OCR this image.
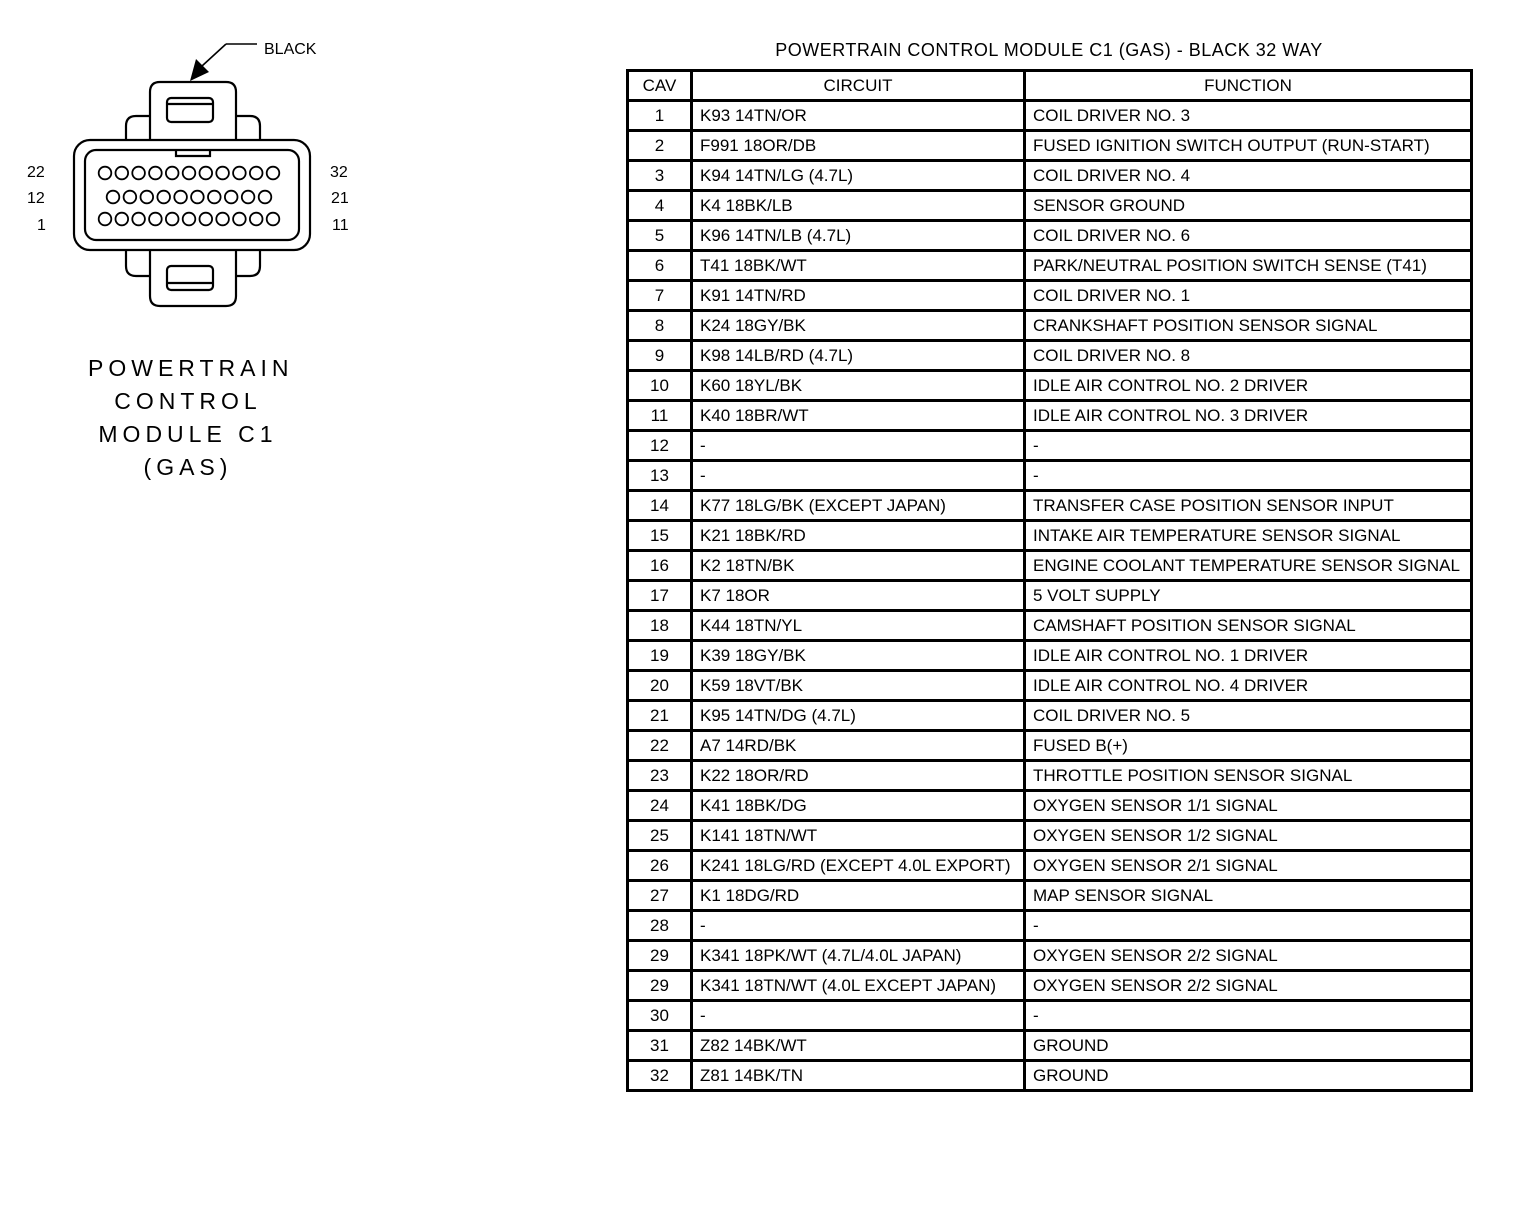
BLACK
22
12
1
32
21
11
POWERTRAIN
CONTROL
MODULE C1
(GAS)
POWERTRAIN CONTROL MODULE C1 (GAS) - BLACK 32 WAY
CAV	CIRCUIT	FUNCTION
1	K93 14TN/OR	COIL DRIVER NO. 3
2	F991 18OR/DB	FUSED IGNITION SWITCH OUTPUT (RUN-START)
3	K94 14TN/LG (4.7L)	COIL DRIVER NO. 4
4	K4 18BK/LB	SENSOR GROUND
5	K96 14TN/LB (4.7L)	COIL DRIVER NO. 6
6	T41 18BK/WT	PARK/NEUTRAL POSITION SWITCH SENSE (T41)
7	K91 14TN/RD	COIL DRIVER NO. 1
8	K24 18GY/BK	CRANKSHAFT POSITION SENSOR SIGNAL
9	K98 14LB/RD (4.7L)	COIL DRIVER NO. 8
10	K60 18YL/BK	IDLE AIR CONTROL NO. 2 DRIVER
11	K40 18BR/WT	IDLE AIR CONTROL NO. 3 DRIVER
12	-	-
13	-	-
14	K77 18LG/BK (EXCEPT JAPAN)	TRANSFER CASE POSITION SENSOR INPUT
15	K21 18BK/RD	INTAKE AIR TEMPERATURE SENSOR SIGNAL
16	K2 18TN/BK	ENGINE COOLANT TEMPERATURE SENSOR SIGNAL
17	K7 18OR	5 VOLT SUPPLY
18	K44 18TN/YL	CAMSHAFT POSITION SENSOR SIGNAL
19	K39 18GY/BK	IDLE AIR CONTROL NO. 1 DRIVER
20	K59 18VT/BK	IDLE AIR CONTROL NO. 4 DRIVER
21	K95 14TN/DG (4.7L)	COIL DRIVER NO. 5
22	A7 14RD/BK	FUSED B(+)
23	K22 18OR/RD	THROTTLE POSITION SENSOR SIGNAL
24	K41 18BK/DG	OXYGEN SENSOR 1/1 SIGNAL
25	K141 18TN/WT	OXYGEN SENSOR 1/2 SIGNAL
26	K241 18LG/RD (EXCEPT 4.0L EXPORT)	OXYGEN SENSOR 2/1 SIGNAL
27	K1 18DG/RD	MAP SENSOR SIGNAL
28	-	-
29	K341 18PK/WT (4.7L/4.0L JAPAN)	OXYGEN SENSOR 2/2 SIGNAL
29	K341 18TN/WT (4.0L EXCEPT JAPAN)	OXYGEN SENSOR 2/2 SIGNAL
30	-	-
31	Z82 14BK/WT	GROUND
32	Z81 14BK/TN	GROUND
